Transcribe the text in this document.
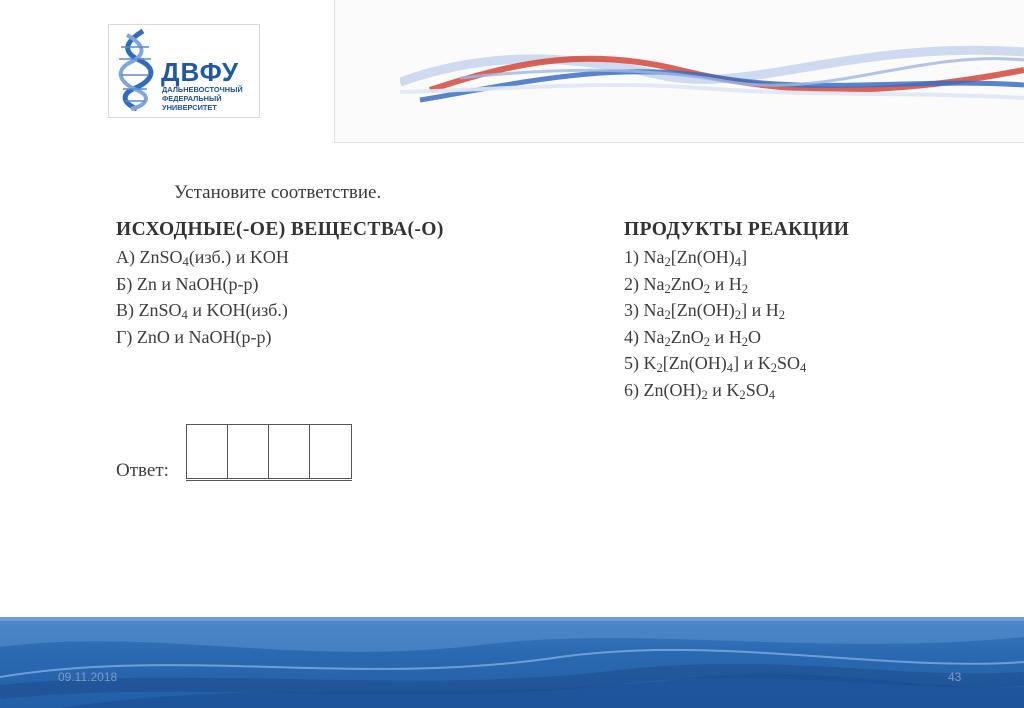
ДВФУ
ДАЛЬНЕВОСТОЧНЫЙ
ФЕДЕРАЛЬНЫЙ
УНИВЕРСИТЕТ
Установите соответствие.
ИСХОДНЫЕ(-ОЕ) ВЕЩЕСТВА(-О)	ПРОДУКТЫ РЕАКЦИИ
А) ZnSO$_4$(изб.) и KOH
Б) Zn и NaOH(р-р)
В) ZnSO$_4$ и KOH(изб.)
Г) ZnO и NaOH(р-р)
1) $Na_2[Zn(OH)_4]$
2) $Na_2ZnO_2$ и $H_2$
3) $Na_2[Zn(OH)_2]$ и $H_2$
4) $Na_2ZnO_2$ и $H_2O$
5) $K_2[Zn(OH)_4]$ и $K_2SO_4$
6) $Zn(OH)_2$ и $K_2SO_4$
Ответ:
09.11.2018	43
